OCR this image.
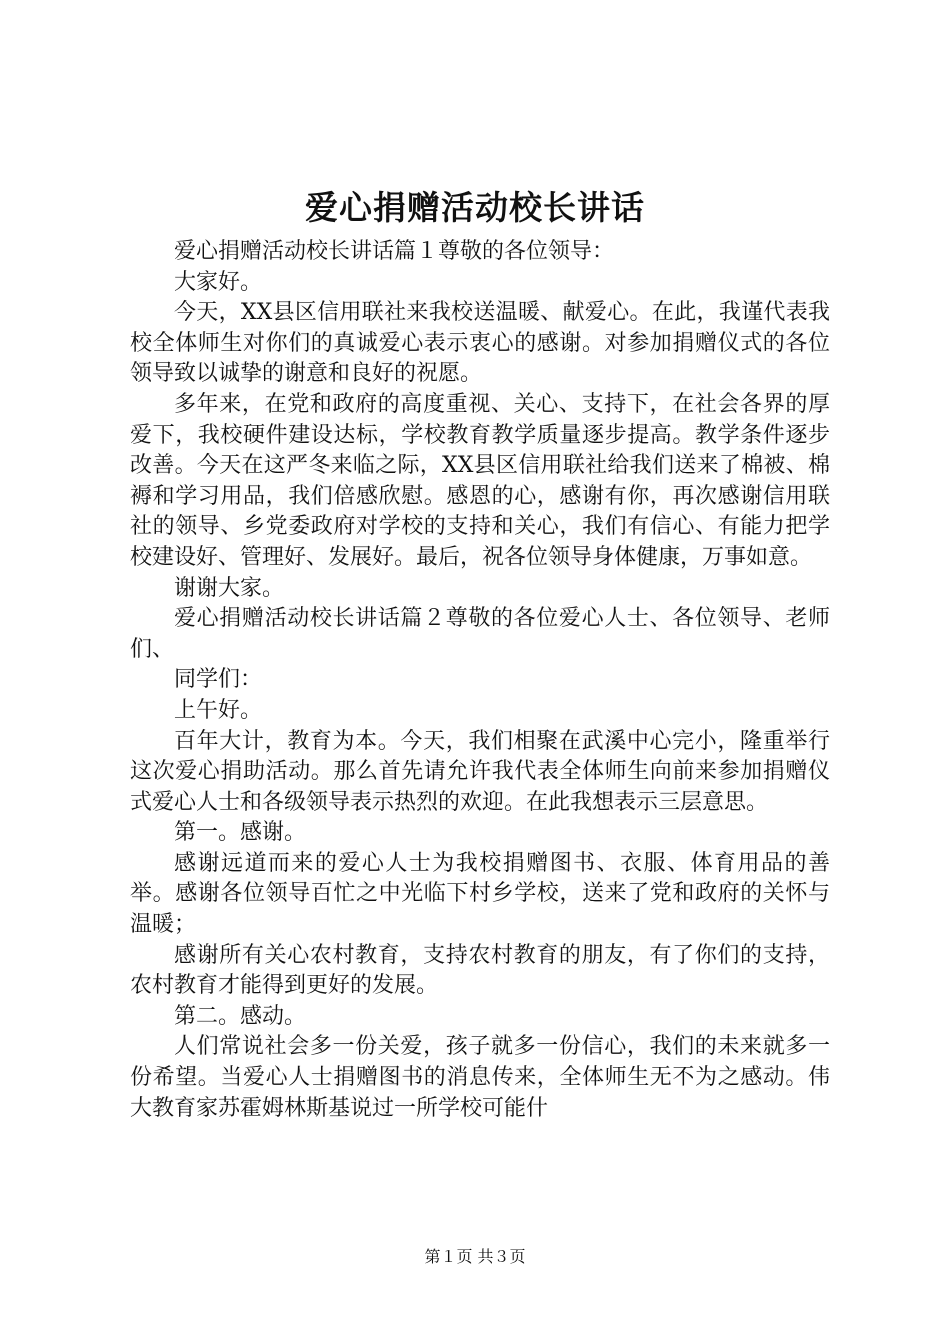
爱心捐赠活动校长讲话

爱心捐赠活动校长讲话篇１尊敬的各位领导：

大家好。

今天，XX县区信用联社来我校送温暖、献爱心。在此，我谨代表我校全体师生对你们的真诚爱心表示衷心的感谢。对参加捐赠仪式的各位领导致以诚挚的谢意和良好的祝愿。

多年来，在党和政府的高度重视、关心、支持下，在社会各界的厚爱下，我校硬件建设达标，学校教育教学质量逐步提高。教学条件逐步改善。今天在这严冬来临之际，XX县区信用联社给我们送来了棉被、棉褥和学习用品，我们倍感欣慰。感恩的心，感谢有你，再次感谢信用联社的领导、乡党委政府对学校的支持和关心，我们有信心、有能力把学校建设好、管理好、发展好。最后，祝各位领导身体健康，万事如意。

谢谢大家。

爱心捐赠活动校长讲话篇２尊敬的各位爱心人士、各位领导、老师们、

同学们：

上午好。

百年大计，教育为本。今天，我们相聚在武溪中心完小，隆重举行这次爱心捐助活动。那么首先请允许我代表全体师生向前来参加捐赠仪式爱心人士和各级领导表示热烈的欢迎。在此我想表示三层意思。

第一。感谢。

感谢远道而来的爱心人士为我校捐赠图书、衣服、体育用品的善举。感谢各位领导百忙之中光临下村乡学校，送来了党和政府的关怀与温暖；

感谢所有关心农村教育，支持农村教育的朋友，有了你们的支持，农村教育才能得到更好的发展。

第二。感动。

人们常说社会多一份关爱，孩子就多一份信心，我们的未来就多一份希望。当爱心人士捐赠图书的消息传来，全体师生无不为之感动。伟大教育家苏霍姆林斯基说过一所学校可能什

第１页 共３页
